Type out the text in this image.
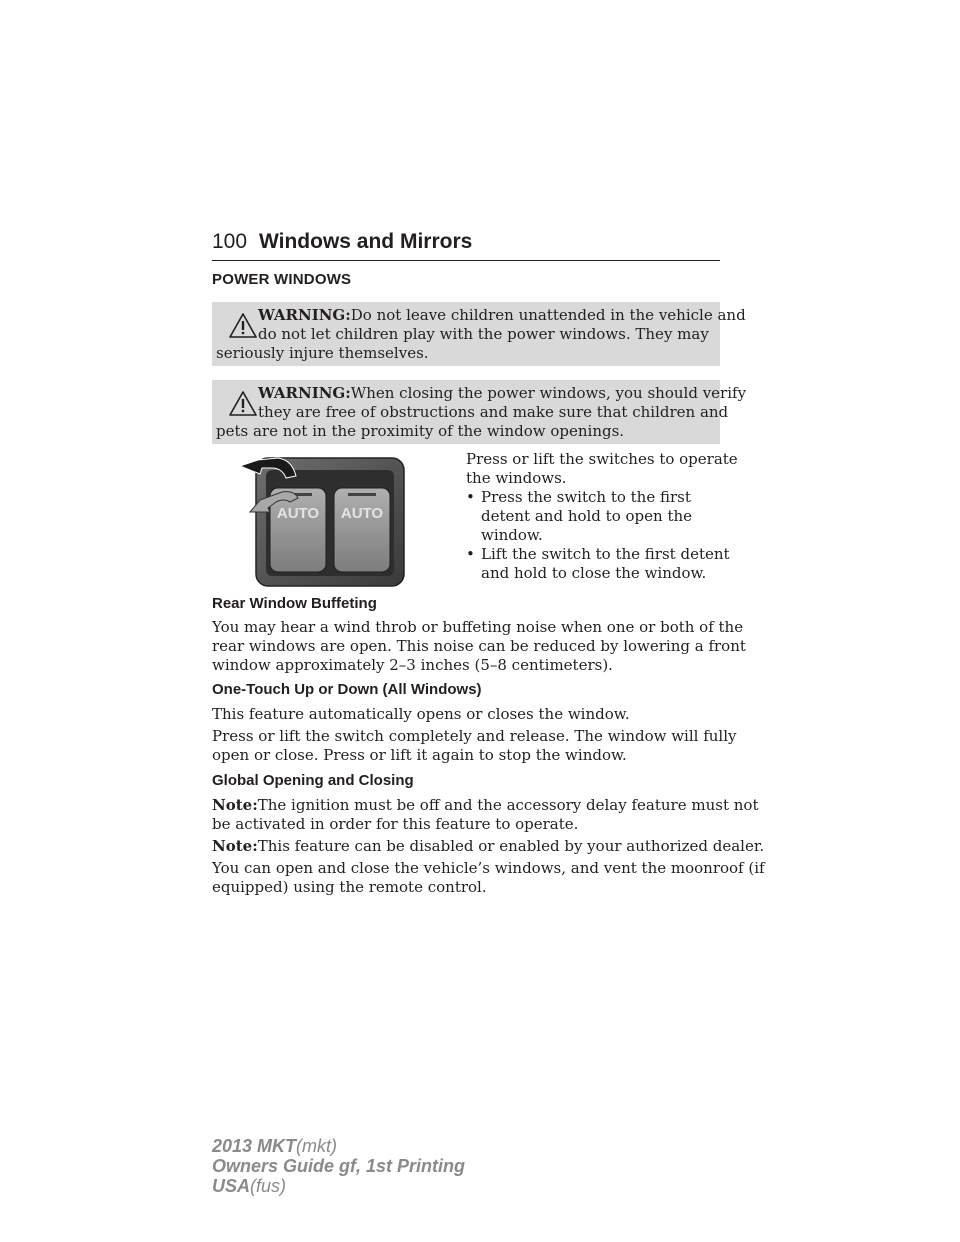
100 Windows and Mirrors
POWER WINDOWS
WARNING:Do not leave children unattended in the vehicle and
do not let children play with the power windows. They may
seriously injure themselves.
WARNING:When closing the power windows, you should verify
they are free of obstructions and make sure that children and
pets are not in the proximity of the window openings.
AUTO AUTO
Press or lift the switches to operate
the windows.
• Press the switch to the first
detent and hold to open the
window.
• Lift the switch to the first detent
and hold to close the window.
Rear Window Buffeting
You may hear a wind throb or buffeting noise when one or both of the
rear windows are open. This noise can be reduced by lowering a front
window approximately 2–3 inches (5–8 centimeters).
One-Touch Up or Down (All Windows)
This feature automatically opens or closes the window.
Press or lift the switch completely and release. The window will fully
open or close. Press or lift it again to stop the window.
Global Opening and Closing
Note:The ignition must be off and the accessory delay feature must not
be activated in order for this feature to operate.
Note:This feature can be disabled or enabled by your authorized dealer.
You can open and close the vehicle’s windows, and vent the moonroof (if
equipped) using the remote control.
2013 MKT(mkt)
Owners Guide gf, 1st Printing
USA(fus)
